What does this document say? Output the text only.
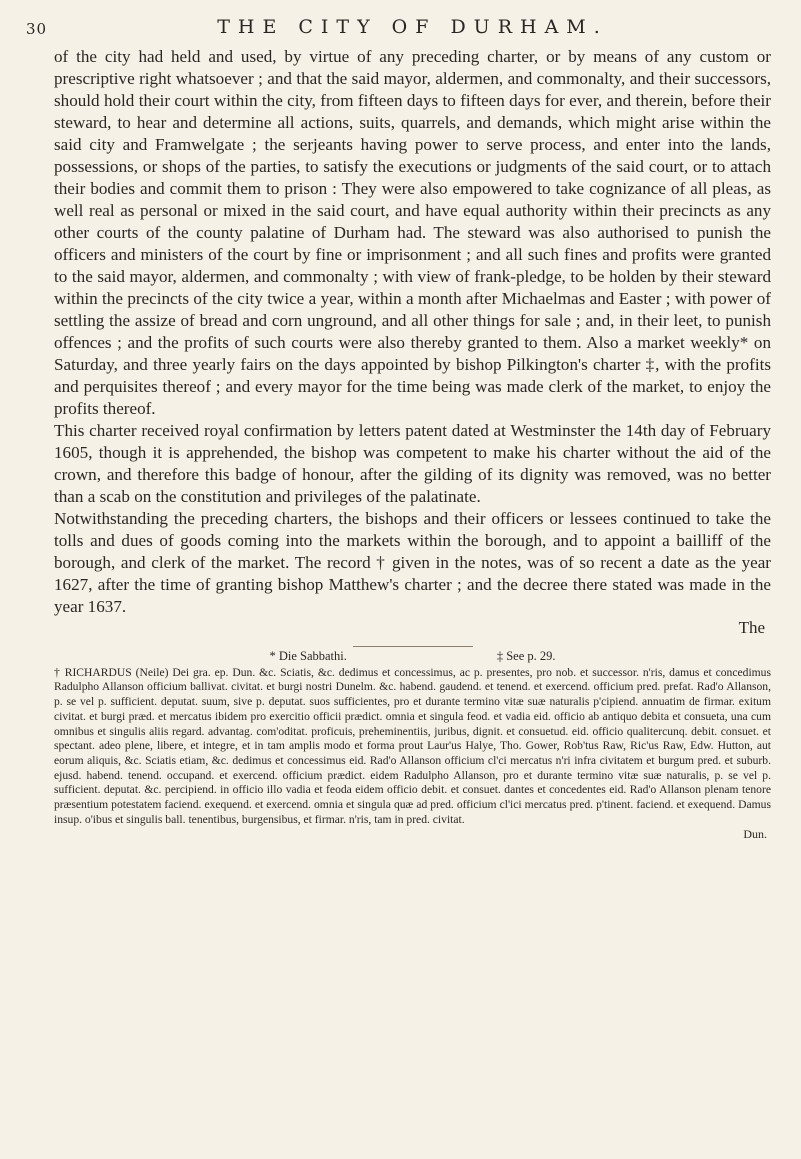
30	THE CITY OF DURHAM.

of the city had held and used, by virtue of any preceding charter, or by means of any custom or prescriptive right whatsoever ; and that the said mayor, aldermen, and commonalty, and their successors, should hold their court within the city, from fifteen days to fifteen days for ever, and therein, before their steward, to hear and determine all actions, suits, quarrels, and demands, which might arise within the said city and Framwelgate ; the serjeants having power to serve process, and enter into the lands, possessions, or shops of the parties, to satisfy the executions or judgments of the said court, or to attach their bodies and commit them to prison : They were also empowered to take cognizance of all pleas, as well real as personal or mixed in the said court, and have equal authority within their precincts as any other courts of the county palatine of Durham had. The steward was also authorised to punish the officers and ministers of the court by fine or imprisonment ; and all such fines and profits were granted to the said mayor, aldermen, and commonalty ; with view of frank-pledge, to be holden by their steward within the precincts of the city twice a year, within a month after Michaelmas and Easter ; with power of settling the assize of bread and corn unground, and all other things for sale ; and, in their leet, to punish offences ; and the profits of such courts were also thereby granted to them. Also a market weekly* on Saturday, and three yearly fairs on the days appointed by bishop Pilkington's charter ‡, with the profits and perquisites thereof ; and every mayor for the time being was made clerk of the market, to enjoy the profits thereof.

This charter received royal confirmation by letters patent dated at Westminster the 14th day of February 1605, though it is apprehended, the bishop was competent to make his charter without the aid of the crown, and therefore this badge of honour, after the gilding of its dignity was removed, was no better than a scab on the constitution and privileges of the palatinate.

Notwithstanding the preceding charters, the bishops and their officers or lessees continued to take the tolls and dues of goods coming into the markets within the borough, and to appoint a bailliff of the borough, and clerk of the market. The record † given in the notes, was of so recent a date as the year 1627, after the time of granting bishop Matthew's charter ; and the decree there stated was made in the year 1637.

The
* Die Sabbathi.	‡ See p. 29.

† RICHARDUS (Neile) Dei gra. ep. Dun. &c. Sciatis, &c. dedimus et concessimus, ac p. presentes, pro nob. et successor. n'ris, damus et concedimus Radulpho Allanson officium ballivat. civitat. et burgi nostri Dunelm. &c. habend. gaudend. et tenend. et exercend. officium pred. prefat. Rad'o Allanson, p. se vel p. sufficient. deputat. suum, sive p. deputat. suos sufficientes, pro et durante termino vitæ suæ naturalis p'cipiend. annuatim de firmar. exitum civitat. et burgi præd. et mercatus ibidem pro exercitio officii prædict. omnia et singula feod. et vadia eid. officio ab antiquo debita et consueta, una cum omnibus et singulis aliis regard. advantag. com'oditat. proficuis, preheminentiis, juribus, dignit. et consuetud. eid. officio qualitercunq. debit. consuet. et spectant. adeo plene, libere, et integre, et in tam amplis modo et forma prout Laur'us Halye, Tho. Gower, Rob'tus Raw, Ric'us Raw, Edw. Hutton, aut eorum aliquis, &c. Sciatis etiam, &c. dedimus et concessimus eid. Rad'o Allanson officium cl'ci mercatus n'ri infra civitatem et burgum pred. et suburb. ejusd. habend. tenend. occupand. et exercend. officium prædict. eidem Radulpho Allanson, pro et durante termino vitæ suæ naturalis, p. se vel p. sufficient. deputat. &c. percipiend. in officio illo vadia et feoda eidem officio debit. et consuet. dantes et concedentes eid. Rad'o Allanson plenam tenore præsentium potestatem faciend. exequend. et exercend. omnia et singula quæ ad pred. officium cl'ici mercatus pred. p'tinent. faciend. et exequend. Damus insup. o'ibus et singulis ball. tenentibus, burgensibus, et firmar. n'ris, tam in pred. civitat.

Dun.
